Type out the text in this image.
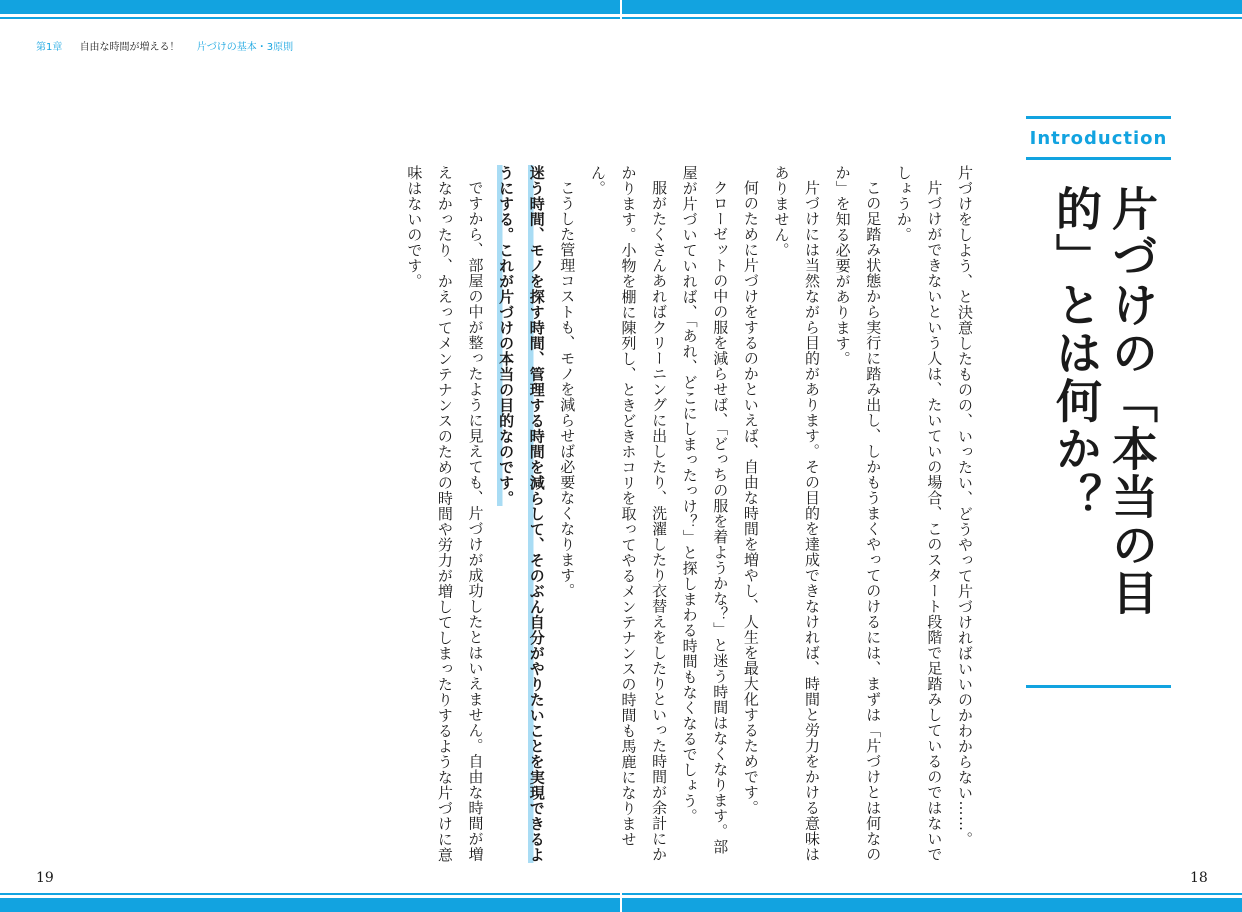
第1章 自由な時間が増える！ 片づけの基本・3原則
Introduction
片づけの「本当の目的」とは何か？

片づけをしよう、と決意したものの、いったい、どうやって片づければいいのかわからない……。

片づけができないという人は、たいていの場合、このスタート段階で足踏みしているのではないでしょうか。

この足踏み状態から実行に踏み出し、しかもうまくやってのけるには、まずは「片づけとは何なのか」を知る必要があります。

片づけには当然ながら目的があります。その目的を達成できなければ、時間と労力をかける意味はありません。

何のために片づけをするのかといえば、自由な時間を増やし、人生を最大化するためです。

クローゼットの中の服を減らせば、「どっちの服を着ようかな？」と迷う時間はなくなります。部屋が片づいていれば、「あれ、どこにしまったっけ？」と探しまわる時間もなくなるでしょう。

服がたくさんあればクリーニングに出したり、洗濯したり衣替えをしたりといった時間が余計にかかります。小物を棚に陳列し、ときどきホコリを取ってやるメンテナンスの時間も馬鹿になりません。

こうした管理コストも、モノを減らせば必要なくなります。

迷う時間、モノを探す時間、管理する時間を減らして、そのぶん自分がやりたいことを実現できるようにする。これが片づけの本当の目的なのです。

ですから、部屋の中が整ったように見えても、片づけが成功したとはいえません。自由な時間が増えなかったり、かえってメンテナンスのための時間や労力が増してしまったりするような片づけに意味はないのです。

19	18
